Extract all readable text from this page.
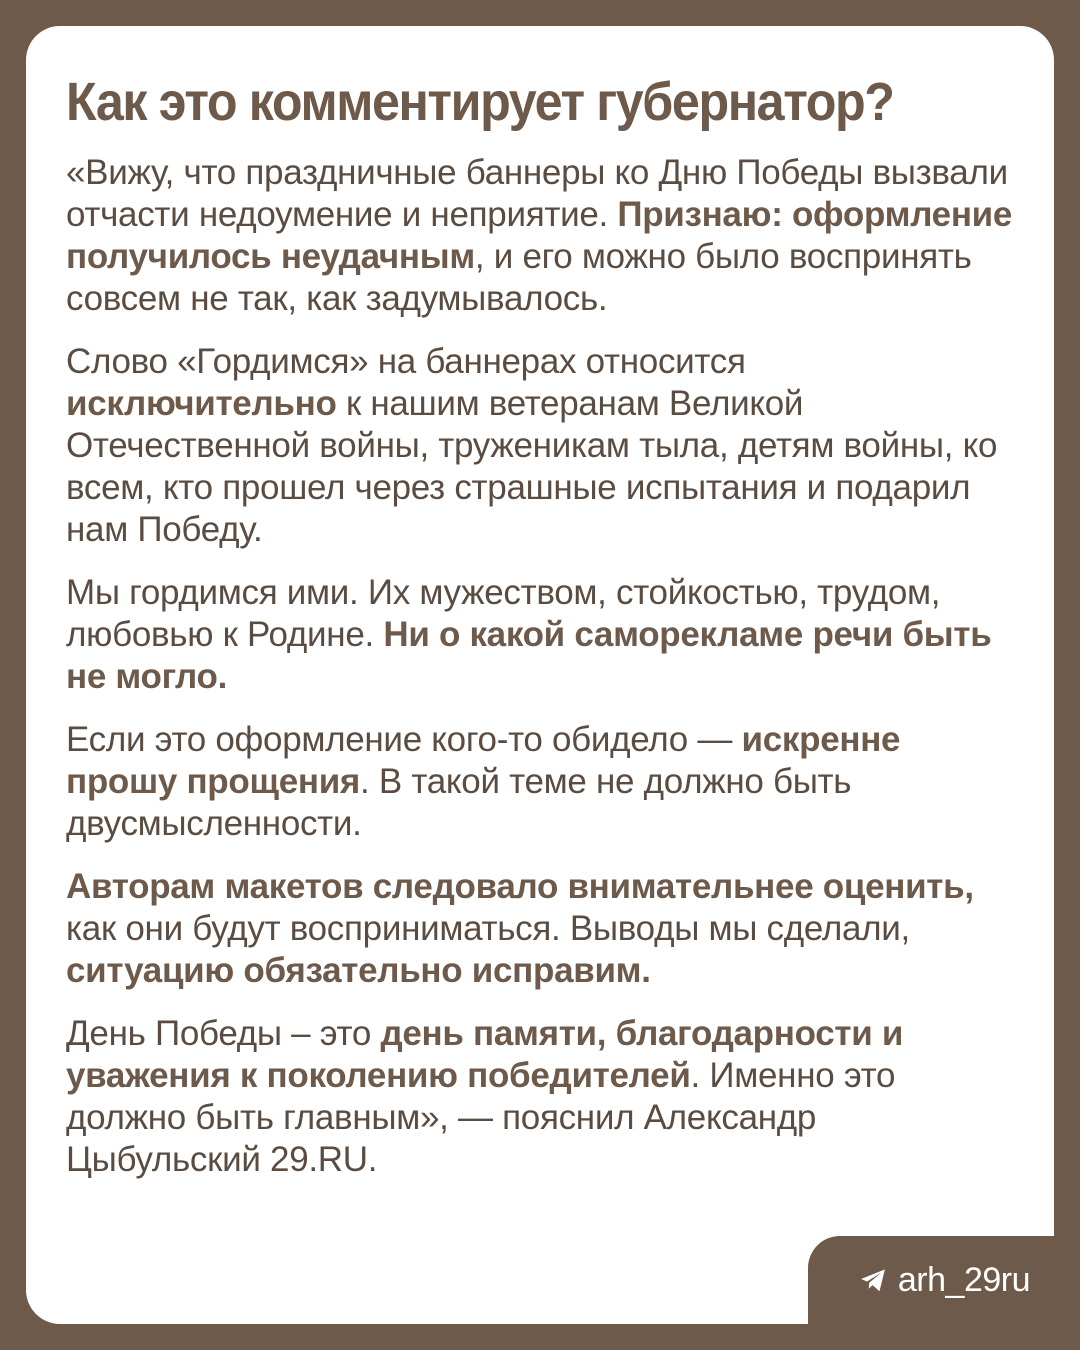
Как это комментирует губернатор?

«Вижу, что праздничные баннеры ко Дню Победы вызвали отчасти недоумение и неприятие. Признаю: оформление получилось неудачным, и его можно было воспринять совсем не так, как задумывалось.

Слово «Гордимся» на баннерах относится исключительно к нашим ветеранам Великой Отечественной войны, труженикам тыла, детям войны, ко всем, кто прошел через страшные испытания и подарил нам Победу.

Мы гордимся ими. Их мужеством, стойкостью, трудом, любовью к Родине. Ни о какой саморекламе речи быть не могло.

Если это оформление кого-то обидело — искренне прошу прощения. В такой теме не должно быть двусмысленности.

Авторам макетов следовало внимательнее оценить, как они будут восприниматься. Выводы мы сделали, ситуацию обязательно исправим.

День Победы – это день памяти, благодарности и уважения к поколению победителей. Именно это должно быть главным», — пояснил Александр Цыбульский 29.RU.

arh_29ru
